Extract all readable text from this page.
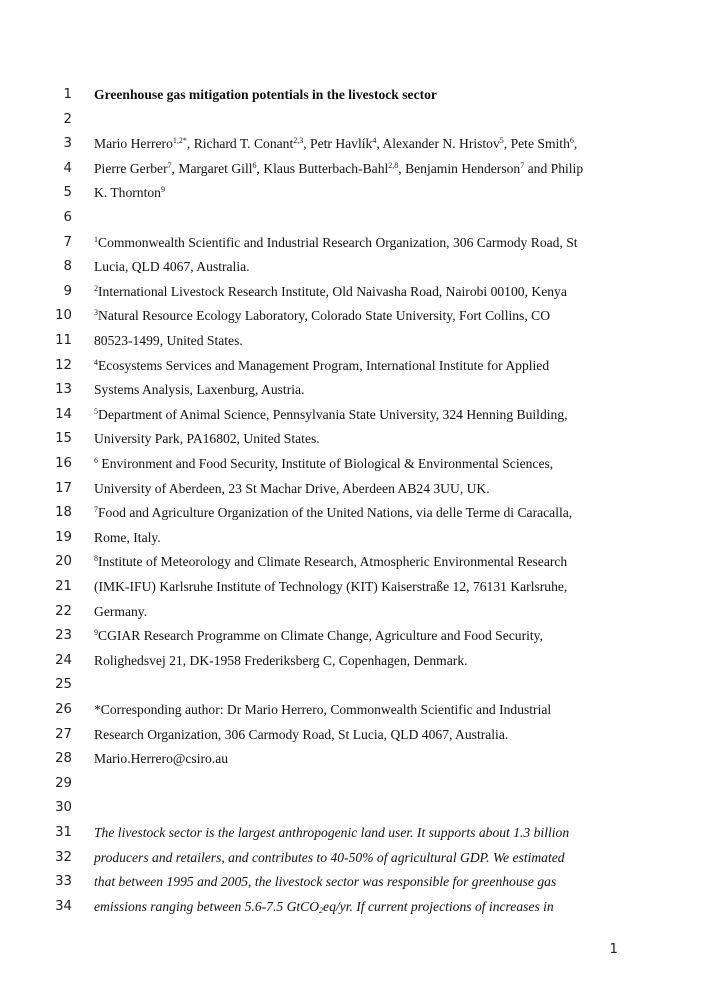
1
2
3
4
5
6
7
8
9
10
11
12
13
14
15
16
17
18
19
20
21
22
23
24
25
26
27
28
29
30
31
32
33
34
Greenhouse gas mitigation potentials in the livestock sector
Mario Herrero$^{1,2*}$, Richard T. Conant$^{2,3}$, Petr Havlík$^4$, Alexander N. Hristov$^5$, Pete Smith$^6$,
Pierre Gerber$^7$, Margaret Gill$^6$, Klaus Butterbach-Bahl$^{2,8}$, Benjamin Henderson$^7$ and Philip
K. Thornton$^9$
$^1$Commonwealth Scientific and Industrial Research Organization, 306 Carmody Road, St
Lucia, QLD 4067, Australia.
$^2$International Livestock Research Institute, Old Naivasha Road, Nairobi 00100, Kenya
$^3$Natural Resource Ecology Laboratory, Colorado State University, Fort Collins, CO
80523-1499, United States.
$^4$Ecosystems Services and Management Program, International Institute for Applied
Systems Analysis, Laxenburg, Austria.
$^5$Department of Animal Science, Pennsylvania State University, 324 Henning Building,
University Park, PA16802, United States.
$^6$ Environment and Food Security, Institute of Biological & Environmental Sciences,
University of Aberdeen, 23 St Machar Drive, Aberdeen AB24 3UU, UK.
$^7$Food and Agriculture Organization of the United Nations, via delle Terme di Caracalla,
Rome, Italy.
$^8$Institute of Meteorology and Climate Research, Atmospheric Environmental Research
(IMK-IFU) Karlsruhe Institute of Technology (KIT) Kaiserstraße 12, 76131 Karlsruhe,
Germany.
$^9$CGIAR Research Programme on Climate Change, Agriculture and Food Security,
Rolighedsvej 21, DK-1958 Frederiksberg C, Copenhagen, Denmark.
*Corresponding author: Dr Mario Herrero, Commonwealth Scientific and Industrial
Research Organization, 306 Carmody Road, St Lucia, QLD 4067, Australia.
Mario.Herrero@csiro.au
The livestock sector is the largest anthropogenic land user. It supports about 1.3 billion
producers and retailers, and contributes to 40-50% of agricultural GDP. We estimated
that between 1995 and 2005, the livestock sector was responsible for greenhouse gas
emissions ranging between 5.6-7.5 GtCO$_2$eq/yr. If current projections of increases in
1
